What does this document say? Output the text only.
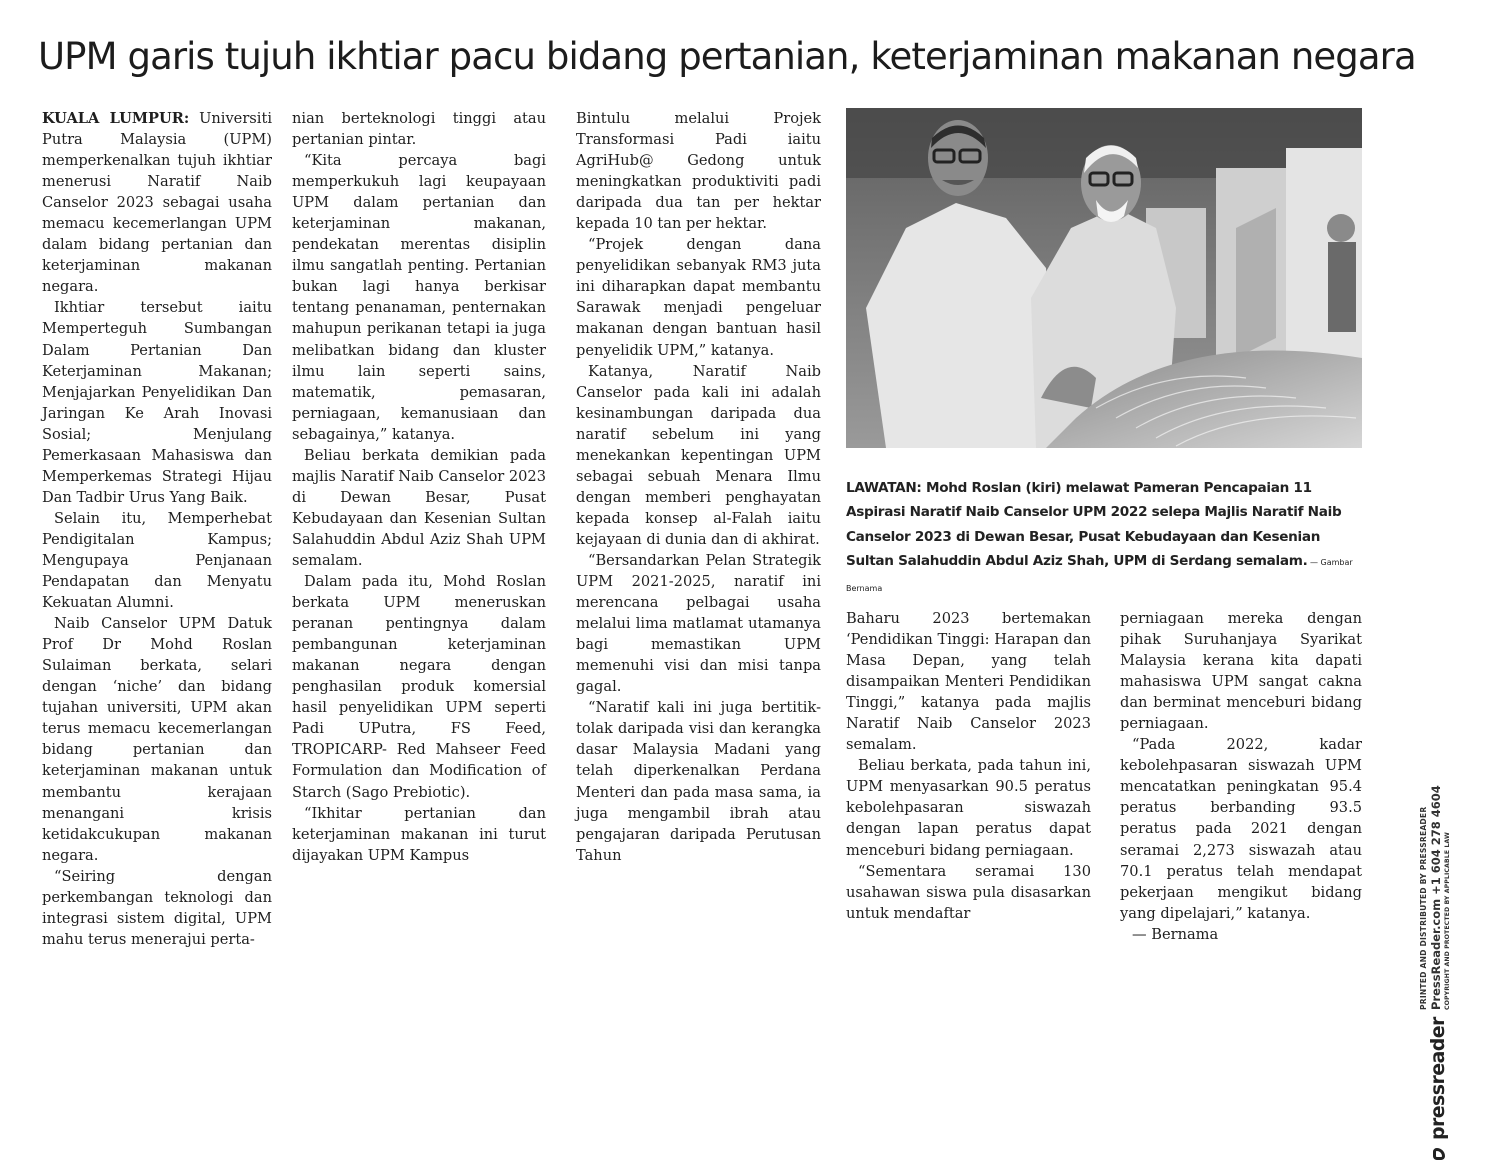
UPM garis tujuh ikhtiar pacu bidang pertanian, keterjaminan makanan negara

KUALA LUMPUR: Universiti Putra Malaysia (UPM) memperkenalkan tujuh ikhtiar menerusi Naratif Naib Canselor 2023 sebagai usaha memacu kecemerlangan UPM dalam bidang pertanian dan keterjaminan makanan negara.

Ikhtiar tersebut iaitu Memperteguh Sumbangan Dalam Pertanian Dan Keterjaminan Makanan; Menjajarkan Penyelidikan Dan Jaringan Ke Arah Inovasi Sosial; Menjulang Pemerkasaan Mahasiswa dan Memperkemas Strategi Hijau Dan Tadbir Urus Yang Baik.

Selain itu, Memperhebat Pendigitalan Kampus; Mengupaya Penjanaan Pendapatan dan Menyatu Kekuatan Alumni.

Naib Canselor UPM Datuk Prof Dr Mohd Roslan Sulaiman berkata, selari dengan ‘niche’ dan bidang tujahan universiti, UPM akan terus memacu kecemerlangan bidang pertanian dan keterjaminan makanan untuk membantu kerajaan menangani krisis ketidakcukupan makanan negara.

“Seiring dengan perkembangan teknologi dan integrasi sistem digital, UPM mahu terus menerajui perta-

nian berteknologi tinggi atau pertanian pintar.

“Kita percaya bagi memperkukuh lagi keupayaan UPM dalam pertanian dan keterjaminan makanan, pendekatan merentas disiplin ilmu sangatlah penting. Pertanian bukan lagi hanya berkisar tentang penanaman, penternakan mahupun perikanan tetapi ia juga melibatkan bidang dan kluster ilmu lain seperti sains, matematik, pemasaran, perniagaan, kemanusiaan dan sebagainya,” katanya.

Beliau berkata demikian pada majlis Naratif Naib Canselor 2023 di Dewan Besar, Pusat Kebudayaan dan Kesenian Sultan Salahuddin Abdul Aziz Shah UPM semalam.

Dalam pada itu, Mohd Roslan berkata UPM meneruskan peranan pentingnya dalam pembangunan keterjaminan makanan negara dengan penghasilan produk komersial hasil penyelidikan UPM seperti Padi UPutra, FS Feed, TROPICARP- Red Mahseer Feed Formulation dan Modification of Starch (Sago Prebiotic).

“Ikhitar pertanian dan keterjaminan makanan ini turut dijayakan UPM Kampus

Bintulu melalui Projek Transformasi Padi iaitu AgriHub@ Gedong untuk meningkatkan produktiviti padi daripada dua tan per hektar kepada 10 tan per hektar.

“Projek dengan dana penyelidikan sebanyak RM3 juta ini diharapkan dapat membantu Sarawak menjadi pengeluar makanan dengan bantuan hasil penyelidik UPM,” katanya.

Katanya, Naratif Naib Canselor pada kali ini adalah kesinambungan daripada dua naratif sebelum ini yang menekankan kepentingan UPM sebagai sebuah Menara Ilmu dengan memberi penghayatan kepada konsep al-Falah iaitu kejayaan di dunia dan di akhirat.

“Bersandarkan Pelan Strategik UPM 2021-2025, naratif ini merencana pelbagai usaha melalui lima matlamat utamanya bagi memastikan UPM memenuhi visi dan misi tanpa gagal.

“Naratif kali ini juga bertitik-tolak daripada visi dan kerangka dasar Malaysia Madani yang telah diperkenalkan Perdana Menteri dan pada masa sama, ia juga mengambil ibrah atau pengajaran daripada Perutusan Tahun

LAWATAN: Mohd Roslan (kiri) melawat Pameran Pencapaian 11 Aspirasi Naratif Naib Canselor UPM 2022 selepa Majlis Naratif Naib Canselor 2023 di Dewan Besar, Pusat Kebudayaan dan Kesenian Sultan Salahuddin Abdul Aziz Shah, UPM di Serdang semalam. — Gambar Bernama

Baharu 2023 bertemakan ‘Pendidikan Tinggi: Harapan dan Masa Depan, yang telah disampaikan Menteri Pendidikan Tinggi,” katanya pada majlis Naratif Naib Canselor 2023 semalam.

Beliau berkata, pada tahun ini, UPM menyasarkan 90.5 peratus kebolehpasaran siswazah dengan lapan peratus dapat menceburi bidang perniagaan.

“Sementara seramai 130 usahawan siswa pula disasarkan untuk mendaftar

perniagaan mereka dengan pihak Suruhanjaya Syarikat Malaysia kerana kita dapati mahasiswa UPM sangat cakna dan berminat menceburi bidang perniagaan.

“Pada 2022, kadar kebolehpasaran siswazah UPM mencatatkan peningkatan 95.4 peratus berbanding 93.5 peratus pada 2021 dengan seramai 2,273 siswazah atau 70.1 peratus telah mendapat pekerjaan mengikut bidang yang dipelajari,” katanya.

— Bernama

pressreader
PRINTED AND DISTRIBUTED BY PRESSREADER PressReader.com +1 604 278 4604 COPYRIGHT AND PROTECTED BY APPLICABLE LAW
